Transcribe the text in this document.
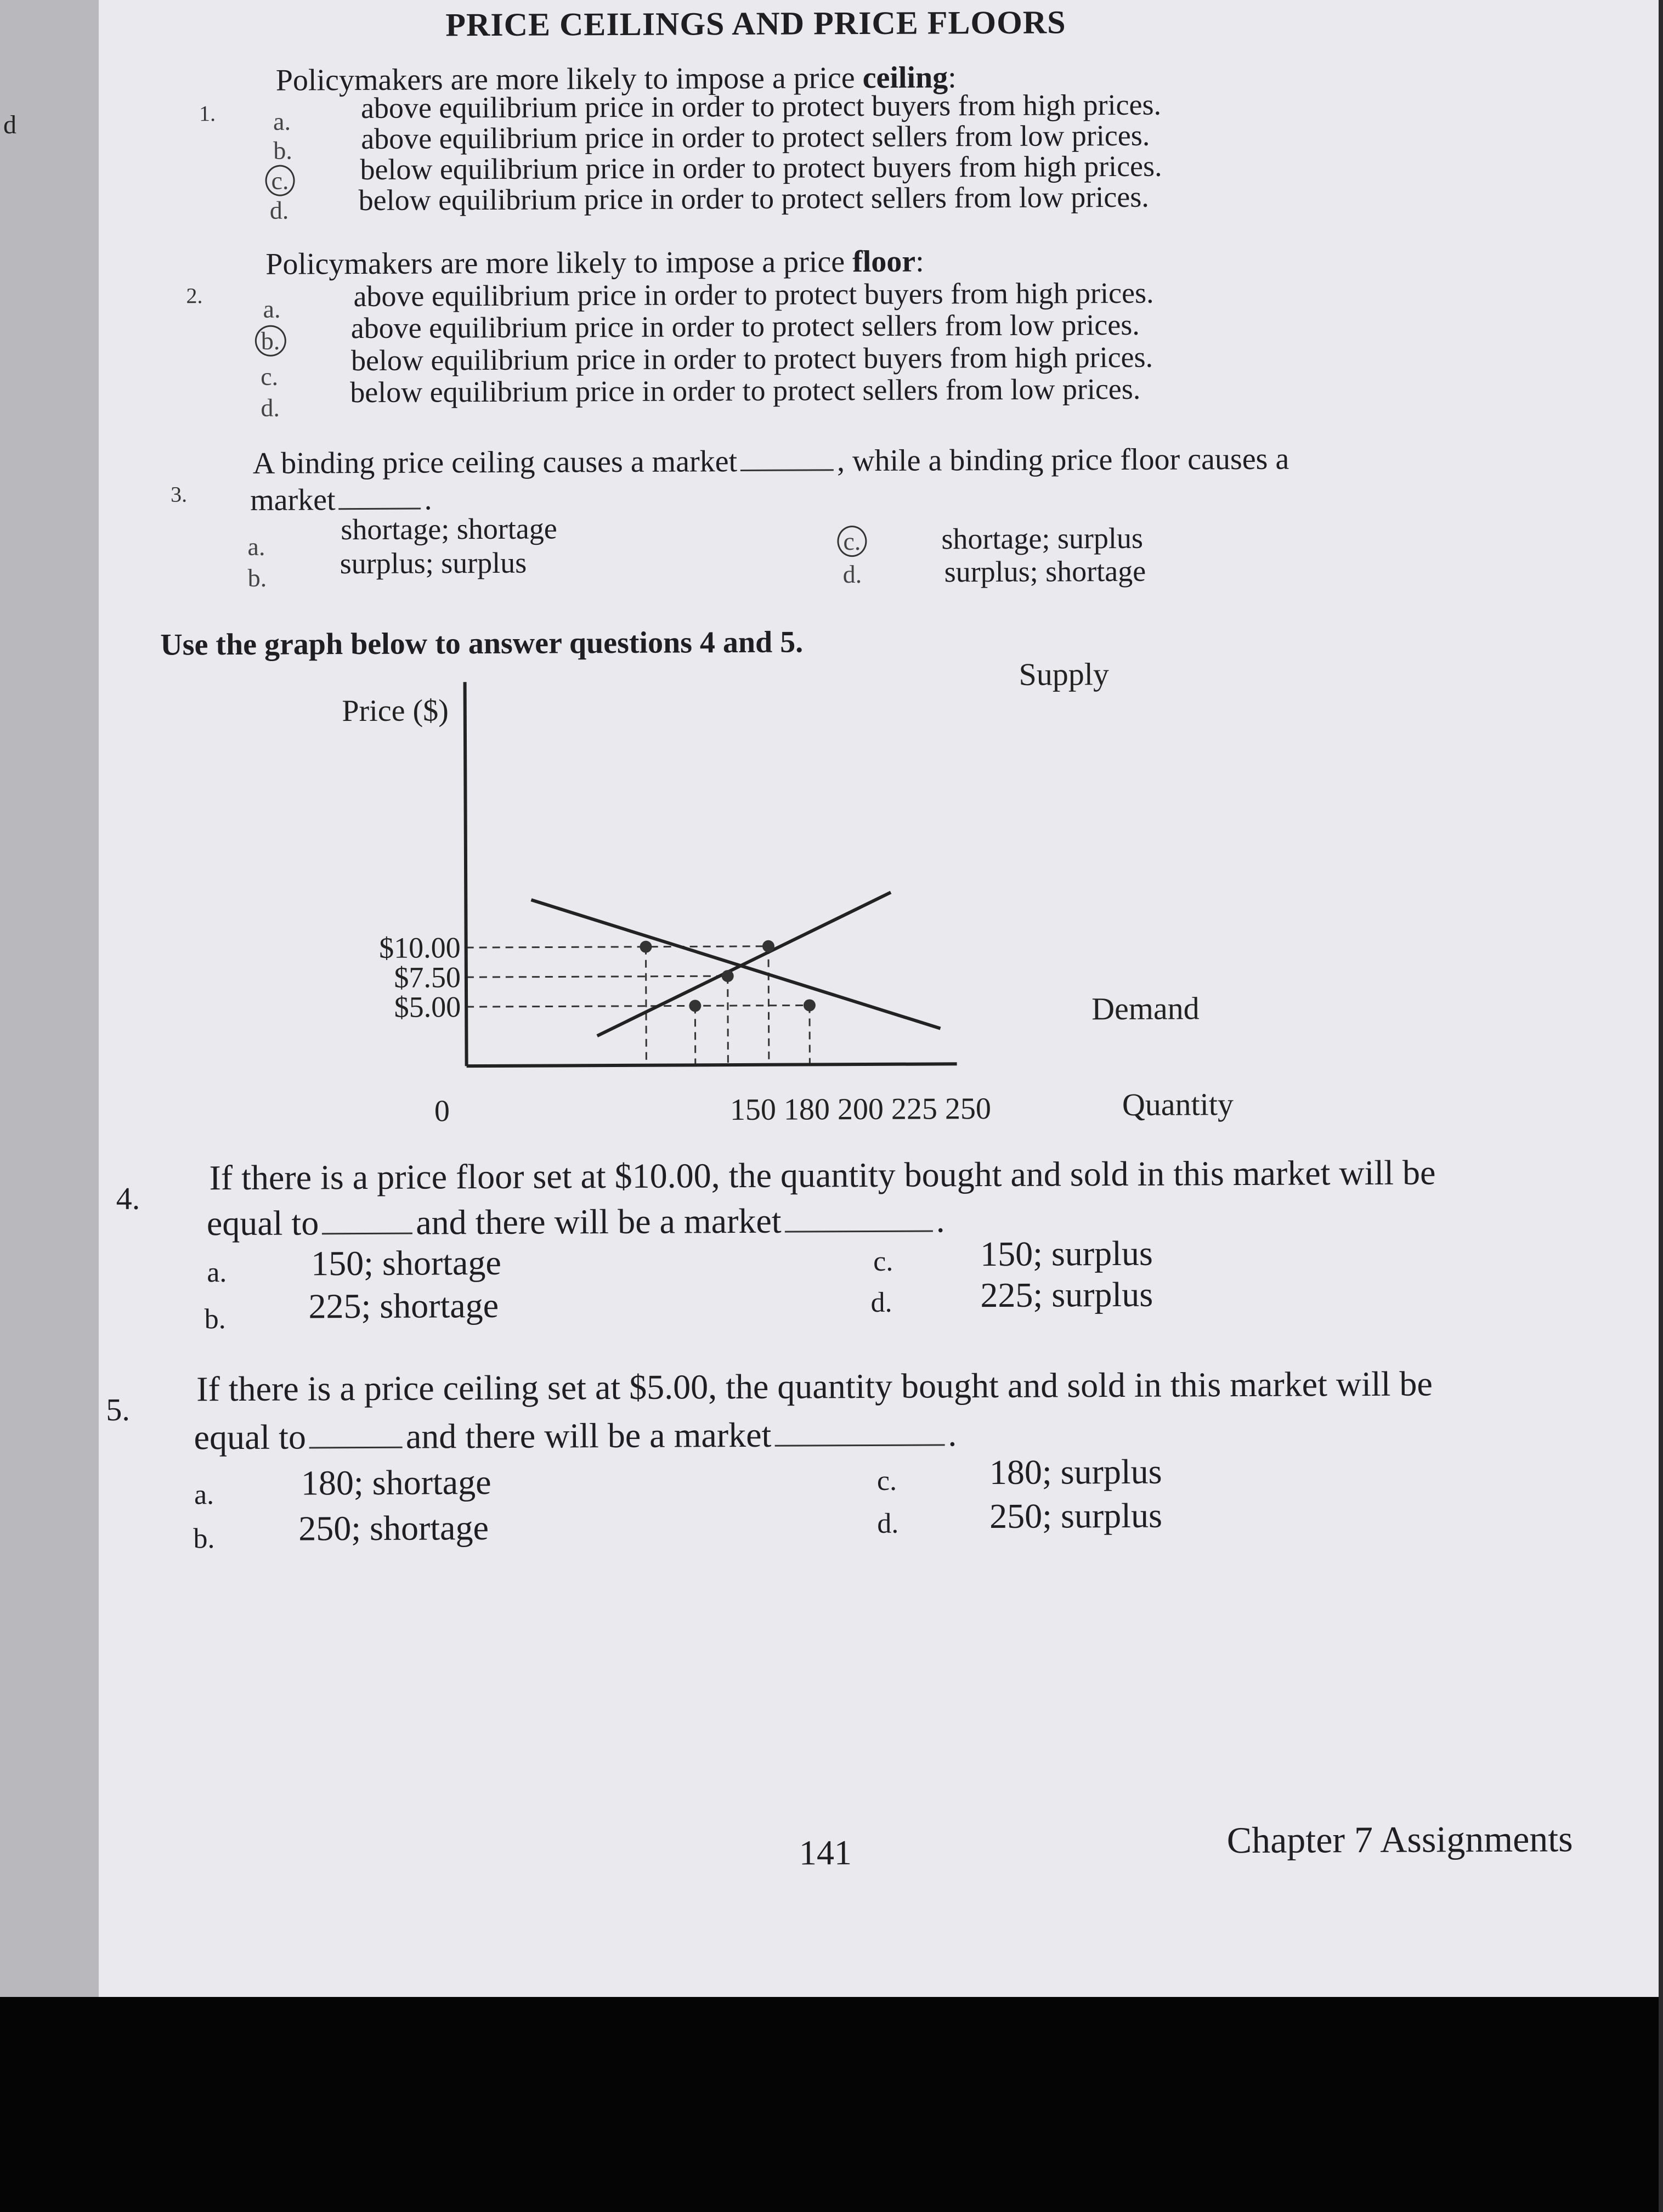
d
PRICE CEILINGS AND PRICE FLOORS
1.
Policymakers are more likely to impose a price ceiling:
a. above equilibrium price in order to protect buyers from high prices.
b. above equilibrium price in order to protect sellers from low prices.
c. below equilibrium price in order to protect buyers from high prices.
d. below equilibrium price in order to protect sellers from low prices.
2.
Policymakers are more likely to impose a price floor:
a. above equilibrium price in order to protect buyers from high prices.
b. above equilibrium price in order to protect sellers from low prices.
c. below equilibrium price in order to protect buyers from high prices.
d. below equilibrium price in order to protect sellers from low prices.
3.
A binding price ceiling causes a market	, while a binding price floor causes a
market	.
a.
shortage; shortage
b. surplus; surplus
c.	shortage; surplus
d.	surplus; shortage
Use the graph below to answer questions 4 and 5.
Price ($)
$10.00
$7.50
$5.00
0	150 180 200 225 250	Quantity
Supply
Demand
4.
If there is a price floor set at $10.00, the quantity bought and sold in this market will be
equal to	and there will be a market	.
a. 150; shortage
b. 225; shortage
c. 150; surplus
d.	225; surplus
5.
If there is a price ceiling set at $5.00, the quantity bought and sold in this market will be
equal to	and there will be a market	.
a. 180; shortage
b. 250; shortage
c.	180; surplus
d.	250; surplus
141	Chapter 7 Assignments
